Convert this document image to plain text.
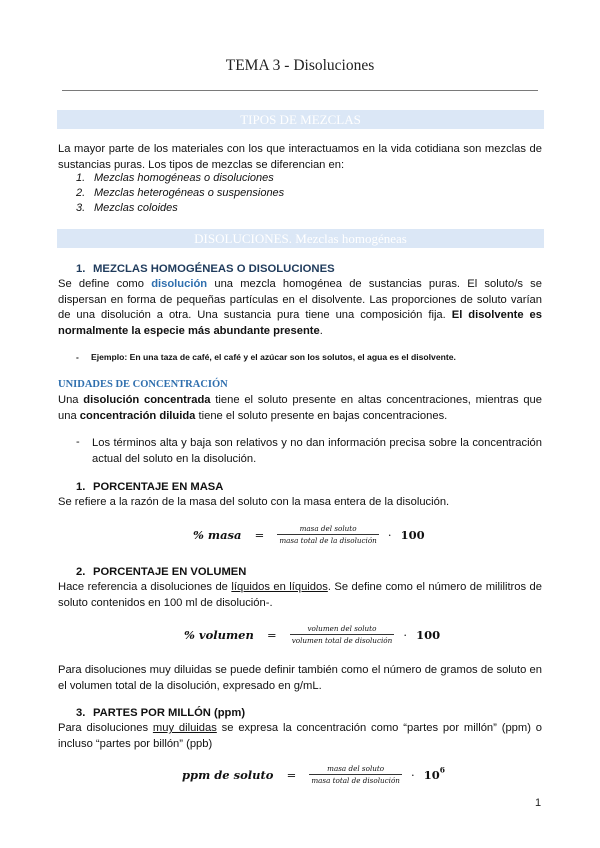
TEMA 3 - Disoluciones
TIPOS DE MEZCLAS
La mayor parte de los materiales con los que interactuamos en la vida cotidiana son mezclas de sustancias puras. Los tipos de mezclas se diferencian en:
1. Mezclas homogéneas o disoluciones
2. Mezclas heterogéneas o suspensiones
3. Mezclas coloides
DISOLUCIONES. Mezclas homogéneas
1. MEZCLAS HOMOGÉNEAS O DISOLUCIONES
Se define como disolución una mezcla homogénea de sustancias puras. El soluto/s se dispersan en forma de pequeñas partículas en el disolvente. Las proporciones de soluto varían de una disolución a otra. Una sustancia pura tiene una composición fija. El disolvente es normalmente la especie más abundante presente.
- Ejemplo: En una taza de café, el café y el azúcar son los solutos, el agua es el disolvente.
UNIDADES DE CONCENTRACIÓN
Una disolución concentrada tiene el soluto presente en altas concentraciones, mientras que una concentración diluida tiene el soluto presente en bajas concentraciones.
- Los términos alta y baja son relativos y no dan información precisa sobre la concentración actual del soluto en la disolución.
1. PORCENTAJE EN MASA
Se refiere a la razón de la masa del soluto con la masa entera de la disolución.
% masa = $\frac{\text{masa del soluto}}{\text{masa total de la disolución}} \cdot 100$
2. PORCENTAJE EN VOLUMEN
Hace referencia a disoluciones de líquidos en líquidos. Se define como el número de mililitros de soluto contenidos en 100 ml de disolución-.
% volumen = $\frac{\text{volumen del soluto}}{\text{volumen total de disolución}} \cdot 100$
Para disoluciones muy diluidas se puede definir también como el número de gramos de soluto en el volumen total de la disolución, expresado en g/mL.
3. PARTES POR MILLÓN (ppm)
Para disoluciones muy diluidas se expresa la concentración como “partes por millón” (ppm) o incluso “partes por billón” (ppb)
ppm de soluto = $\frac{\text{masa del soluto}}{\text{masa total de disolución}} \cdot 10^6$
1
